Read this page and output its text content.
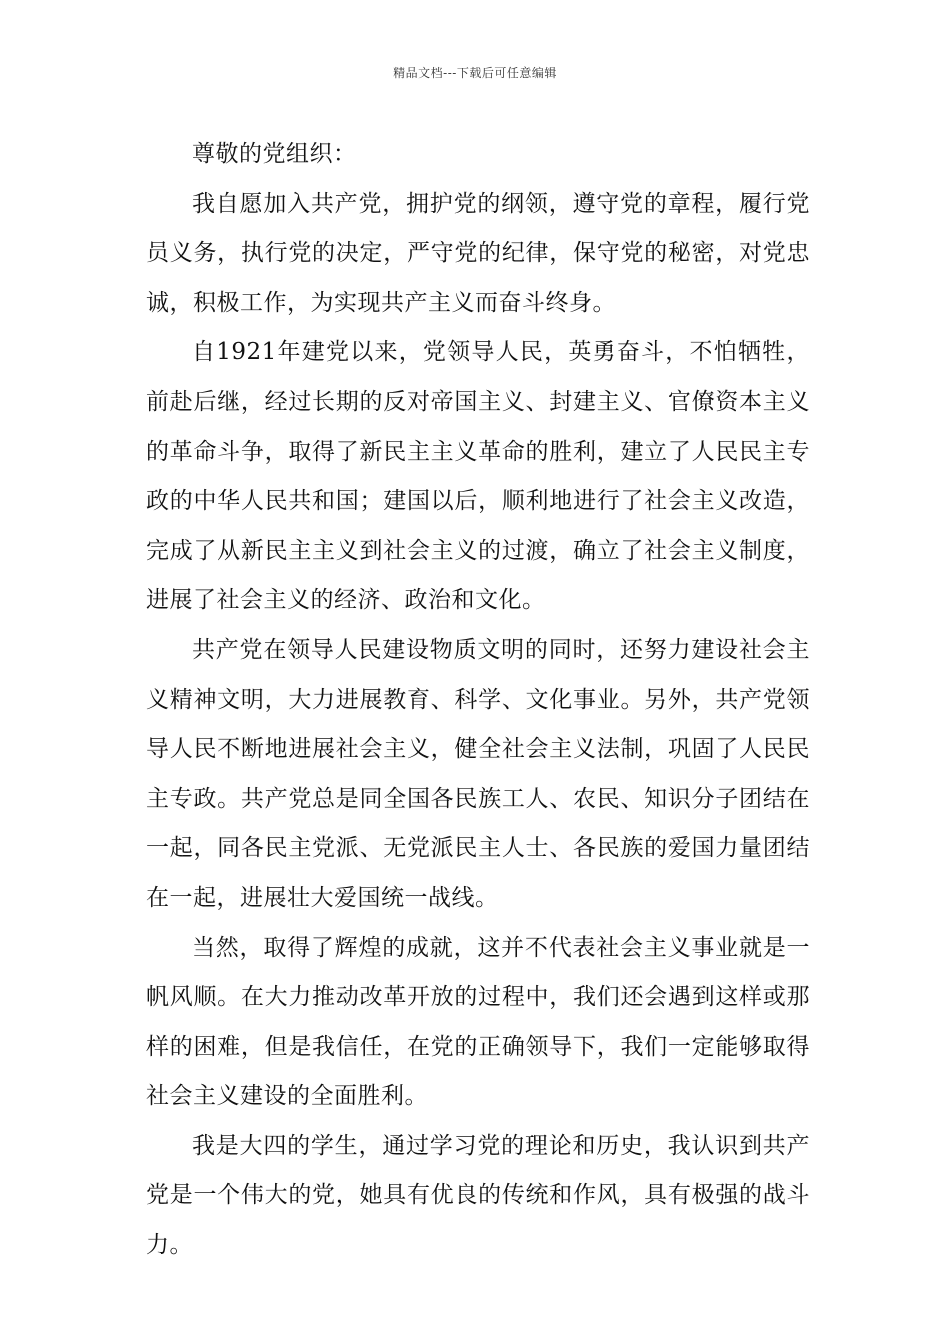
精品文档---下载后可任意编辑

尊敬的党组织：

我自愿加入共产党，拥护党的纲领，遵守党的章程，履行党员义务，执行党的决定，严守党的纪律，保守党的秘密，对党忠诚，积极工作，为实现共产主义而奋斗终身。

自1921年建党以来，党领导人民，英勇奋斗，不怕牺牲，前赴后继，经过长期的反对帝国主义、封建主义、官僚资本主义的革命斗争，取得了新民主主义革命的胜利，建立了人民民主专政的中华人民共和国；建国以后，顺利地进行了社会主义改造，完成了从新民主主义到社会主义的过渡，确立了社会主义制度，进展了社会主义的经济、政治和文化。

共产党在领导人民建设物质文明的同时，还努力建设社会主义精神文明，大力进展教育、科学、文化事业。另外，共产党领导人民不断地进展社会主义，健全社会主义法制，巩固了人民民主专政。共产党总是同全国各民族工人、农民、知识分子团结在一起，同各民主党派、无党派民主人士、各民族的爱国力量团结在一起，进展壮大爱国统一战线。

当然，取得了辉煌的成就，这并不代表社会主义事业就是一帆风顺。在大力推动改革开放的过程中，我们还会遇到这样或那样的困难，但是我信任，在党的正确领导下，我们一定能够取得社会主义建设的全面胜利。

我是大四的学生，通过学习党的理论和历史，我认识到共产党是一个伟大的党，她具有优良的传统和作风，具有极强的战斗力。
